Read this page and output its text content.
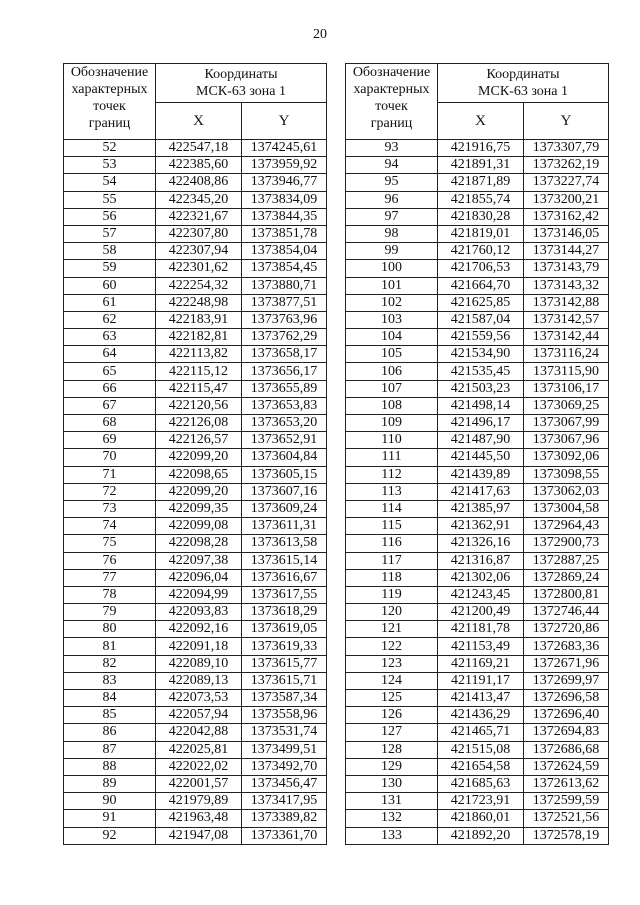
20
Обозначение
характерных
точек
границ	Координаты
МСК-63 зона 1	
	X	Y
52	422547,18	1374245,61
53	422385,60	1373959,92
54	422408,86	1373946,77
55	422345,20	1373834,09
56	422321,67	1373844,35
57	422307,80	1373851,78
58	422307,94	1373854,04
59	422301,62	1373854,45
60	422254,32	1373880,71
61	422248,98	1373877,51
62	422183,91	1373763,96
63	422182,81	1373762,29
64	422113,82	1373658,17
65	422115,12	1373656,17
66	422115,47	1373655,89
67	422120,56	1373653,83
68	422126,08	1373653,20
69	422126,57	1373652,91
70	422099,20	1373604,84
71	422098,65	1373605,15
72	422099,20	1373607,16
73	422099,35	1373609,24
74	422099,08	1373611,31
75	422098,28	1373613,58
76	422097,38	1373615,14
77	422096,04	1373616,67
78	422094,99	1373617,55
79	422093,83	1373618,29
80	422092,16	1373619,05
81	422091,18	1373619,33
82	422089,10	1373615,77
83	422089,13	1373615,71
84	422073,53	1373587,34
85	422057,94	1373558,96
86	422042,88	1373531,74
87	422025,81	1373499,51
88	422022,02	1373492,70
89	422001,57	1373456,47
90	421979,89	1373417,95
91	421963,48	1373389,82
92	421947,08	1373361,70
Обозначение
характерных
точек
границ	Координаты
МСК-63 зона 1	
	X	Y
93	421916,75	1373307,79
94	421891,31	1373262,19
95	421871,89	1373227,74
96	421855,74	1373200,21
97	421830,28	1373162,42
98	421819,01	1373146,05
99	421760,12	1373144,27
100	421706,53	1373143,79
101	421664,70	1373143,32
102	421625,85	1373142,88
103	421587,04	1373142,57
104	421559,56	1373142,44
105	421534,90	1373116,24
106	421535,45	1373115,90
107	421503,23	1373106,17
108	421498,14	1373069,25
109	421496,17	1373067,99
110	421487,90	1373067,96
111	421445,50	1373092,06
112	421439,89	1373098,55
113	421417,63	1373062,03
114	421385,97	1373004,58
115	421362,91	1372964,43
116	421326,16	1372900,73
117	421316,87	1372887,25
118	421302,06	1372869,24
119	421243,45	1372800,81
120	421200,49	1372746,44
121	421181,78	1372720,86
122	421153,49	1372683,36
123	421169,21	1372671,96
124	421191,17	1372699,97
125	421413,47	1372696,58
126	421436,29	1372696,40
127	421465,71	1372694,83
128	421515,08	1372686,68
129	421654,58	1372624,59
130	421685,63	1372613,62
131	421723,91	1372599,59
132	421860,01	1372521,56
133	421892,20	1372578,19
